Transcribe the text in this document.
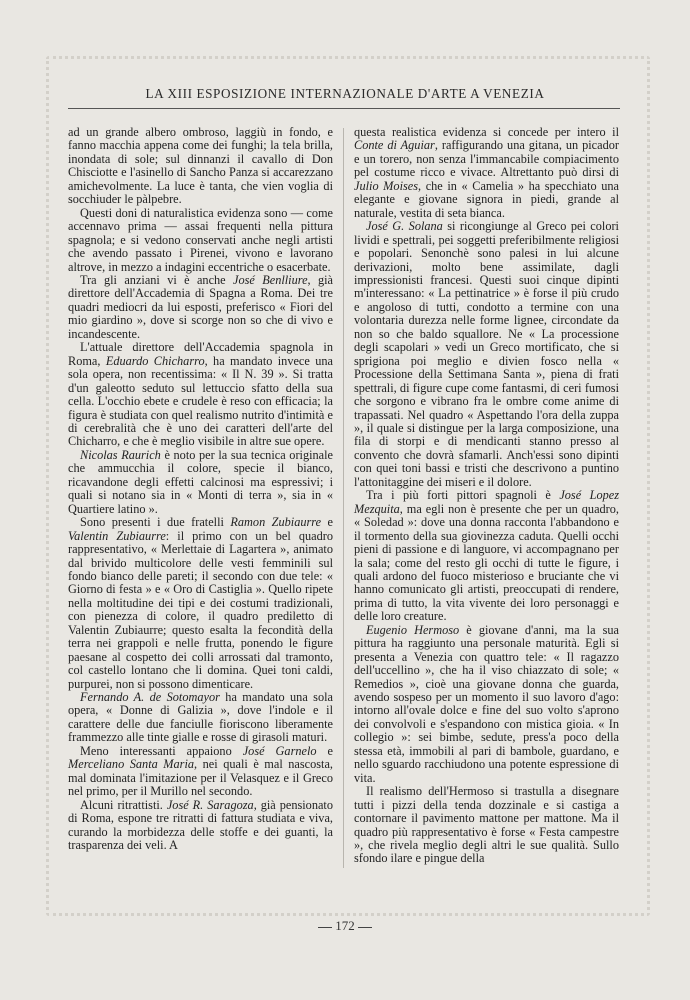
LA XIII ESPOSIZIONE INTERNAZIONALE D'ARTE A VENEZIA

ad un grande albero ombroso, laggiù in fondo, e fanno macchia appena come dei funghi; la tela brilla, inondata di sole; sul dinnanzi il cavallo di Don Chisciotte e l'asinello di Sancho Panza si accarezzano amichevolmente. La luce è tanta, che vien voglia di socchiuder le pàlpebre.

Questi doni di naturalistica evidenza sono — come accennavo prima — assai frequenti nella pittura spagnola; e si vedono conservati anche negli artisti che avendo passato i Pirenei, vivono e lavorano altrove, in mezzo a indagini eccentriche o esacerbate.

Tra gli anziani vi è anche José Benlliure, già direttore dell'Accademia di Spagna a Roma. Dei tre quadri mediocri da lui esposti, preferisco « Fiori del mio giardino », dove si scorge non so che di vivo e incandescente.

L'attuale direttore dell'Accademia spagnola in Roma, Eduardo Chicharro, ha mandato invece una sola opera, non recentissima: « Il N. 39 ». Si tratta d'un galeotto seduto sul lettuccio sfatto della sua cella. L'occhio ebete e crudele è reso con efficacia; la figura è studiata con quel realismo nutrito d'intimità e di cerebralità che è uno dei caratteri dell'arte del Chicharro, e che è meglio visibile in altre sue opere.

Nicolas Raurich è noto per la sua tecnica originale che ammucchia il colore, specie il bianco, ricavandone degli effetti calcinosi ma espressivi; i quali si notano sia in « Monti di terra », sia in « Quartiere latino ».

Sono presenti i due fratelli Ramon Zubiaurre e Valentin Zubiaurre: il primo con un bel quadro rappresentativo, « Merlettaie di Lagartera », animato dal brivido multicolore delle vesti femminili sul fondo bianco delle pareti; il secondo con due tele: « Giorno di festa » e « Oro di Castiglia ». Quello ripete nella moltitudine dei tipi e dei costumi tradizionali, con pienezza di colore, il quadro prediletto di Valentin Zubiaurre; questo esalta la fecondità della terra nei grappoli e nelle frutta, ponendo le figure paesane al cospetto dei colli arrossati dal tramonto, col castello lontano che li domina. Quei toni caldi, purpurei, non si possono dimenticare.

Fernando A. de Sotomayor ha mandato una sola opera, « Donne di Galizia », dove l'indole e il carattere delle due fanciulle fioriscono liberamente frammezzo alle tinte gialle e rosse di girasoli maturi.

Meno interessanti appaiono José Garnelo e Merceliano Santa Maria, nei quali è mal nascosta, mal dominata l'imitazione per il Velasquez e il Greco nel primo, per il Murillo nel secondo.

Alcuni ritrattisti. José R. Saragoza, già pensionato di Roma, espone tre ritratti di fattura studiata e viva, curando la morbidezza delle stoffe e dei guanti, la trasparenza dei veli. A

questa realistica evidenza si concede per intero il Conte di Aguiar, raffigurando una gitana, un picador e un torero, non senza l'immancabile compiacimento pel costume ricco e vivace. Altrettanto può dirsi di Julio Moises, che in « Camelia » ha specchiato una elegante e giovane signora in piedi, grande al naturale, vestita di seta bianca.

José G. Solana si ricongiunge al Greco pei colori lividi e spettrali, pei soggetti preferibilmente religiosi e popolari. Senonchè sono palesi in lui alcune derivazioni, molto bene assimilate, dagli impressionisti francesi. Questi suoi cinque dipinti m'interessano: « La pettinatrice » è forse il più crudo e angoloso di tutti, condotto a termine con una volontaria durezza nelle forme lignee, circondate da non so che baldo squallore. Ne « La processione degli scapolari » vedi un Greco mortificato, che si sprigiona poi meglio e divien fosco nella « Processione della Settimana Santa », piena di frati spettrali, di figure cupe come fantasmi, di ceri fumosi che sorgono e vibrano fra le ombre come anime di trapassati. Nel quadro « Aspettando l'ora della zuppa », il quale si distingue per la larga composizione, una fila di storpi e di mendicanti stanno presso al convento che dovrà sfamarli. Anch'essi sono dipinti con quei toni bassi e tristi che descrivono a puntino l'attonitaggine dei miseri e il dolore.

Tra i più forti pittori spagnoli è José Lopez Mezquita, ma egli non è presente che per un quadro, « Soledad »: dove una donna racconta l'abbandono e il tormento della sua giovinezza caduta. Quelli occhi pieni di passione e di languore, vi accompagnano per la sala; come del resto gli occhi di tutte le figure, i quali ardono del fuoco misterioso e bruciante che vi hanno comunicato gli artisti, preoccupati di rendere, prima di tutto, la vita vivente dei loro personaggi e delle loro creature.

Eugenio Hermoso è giovane d'anni, ma la sua pittura ha raggiunto una personale maturità. Egli si presenta a Venezia con quattro tele: « Il ragazzo dell'uccellino », che ha il viso chiazzato di sole; « Remedios », cioè una giovane donna che guarda, avendo sospeso per un momento il suo lavoro d'ago: intorno all'ovale dolce e fine del suo volto s'aprono dei convolvoli e s'espandono con mistica gioia. « In collegio »: sei bimbe, sedute, press'a poco della stessa età, immobili al pari di bambole, guardano, e nello sguardo racchiudono una potente espressione di vita.

Il realismo dell'Hermoso si trastulla a disegnare tutti i pizzi della tenda dozzinale e si castiga a contornare il pavimento mattone per mattone. Ma il quadro più rappresentativo è forse « Festa campestre », che rivela meglio degli altri le sue qualità. Sullo sfondo ilare e pingue della

172
